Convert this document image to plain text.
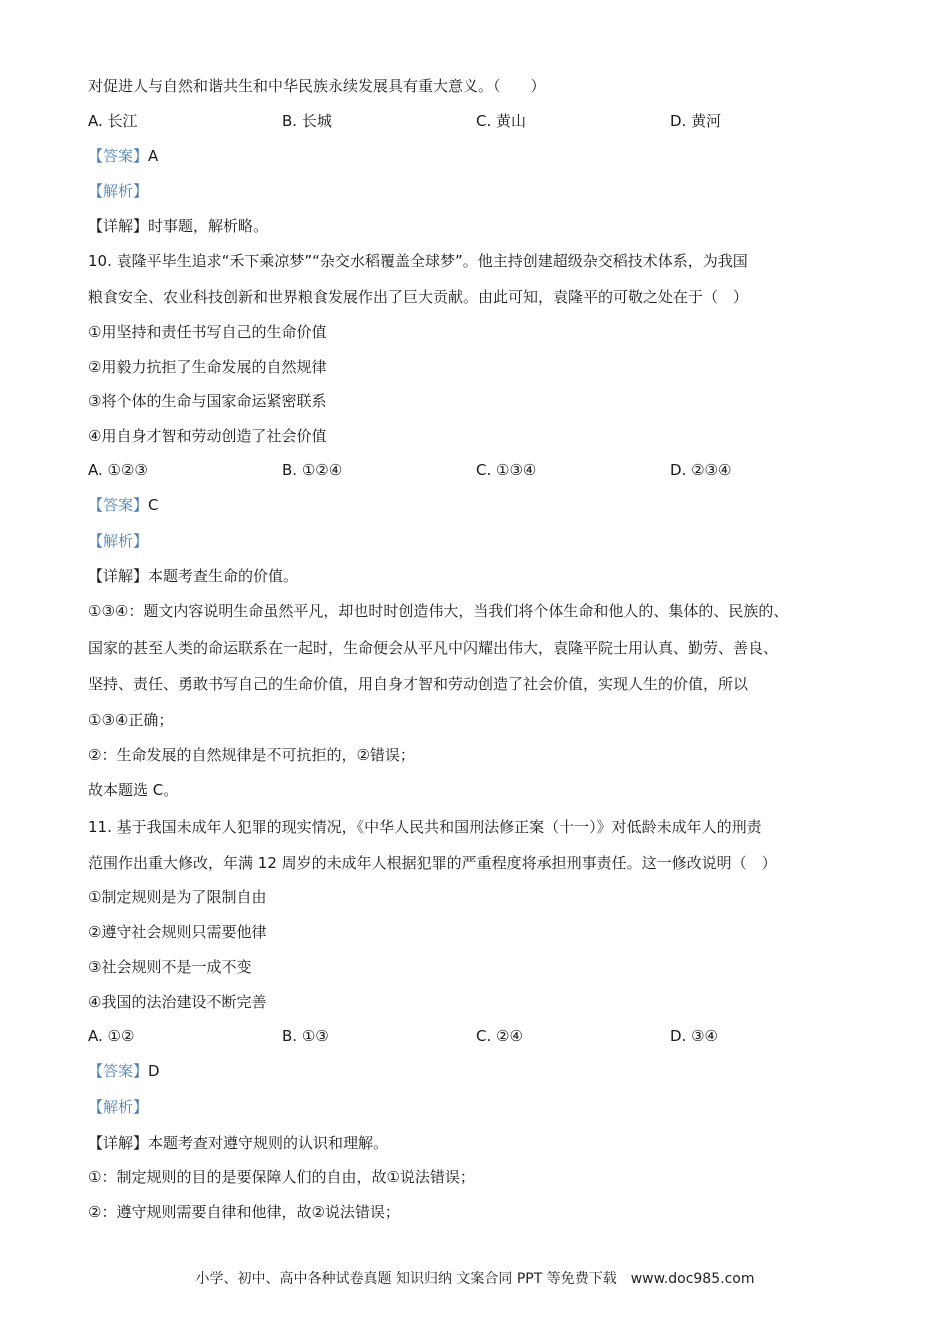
对促进人与自然和谐共生和中华民族永续发展具有重大意义。（　　）
A. 长江	B. 长城	C. 黄山	D. 黄河
【答案】A
【解析】
【详解】时事题，解析略。
10. 袁隆平毕生追求“禾下乘凉梦”“杂交水稻覆盖全球梦”。他主持创建超级杂交稻技术体系，为我国
粮食安全、农业科技创新和世界粮食发展作出了巨大贡献。由此可知，袁隆平的可敬之处在于（　）
①用坚持和责任书写自己的生命价值
②用毅力抗拒了生命发展的自然规律
③将个体的生命与国家命运紧密联系
④用自身才智和劳动创造了社会价值
A. ①②③	B. ①②④	C. ①③④	D. ②③④
【答案】C
【解析】
【详解】本题考查生命的价值。
①③④：题文内容说明生命虽然平凡，却也时时创造伟大，当我们将个体生命和他人的、集体的、民族的、
国家的甚至人类的命运联系在一起时，生命便会从平凡中闪耀出伟大，袁隆平院士用认真、勤劳、善良、
坚持、责任、勇敢书写自己的生命价值，用自身才智和劳动创造了社会价值，实现人生的价值，所以
①③④正确；
②：生命发展的自然规律是不可抗拒的，②错误；
故本题选 C。
11. 基于我国未成年人犯罪的现实情况，《中华人民共和国刑法修正案（十一）》对低龄未成年人的刑责
范围作出重大修改，年满 12 周岁的未成年人根据犯罪的严重程度将承担刑事责任。这一修改说明（　）
①制定规则是为了限制自由
②遵守社会规则只需要他律
③社会规则不是一成不变
④我国的法治建设不断完善
A. ①②	B. ①③	C. ②④	D. ③④
【答案】D
【解析】
【详解】本题考查对遵守规则的认识和理解。
①：制定规则的目的是要保障人们的自由，故①说法错误；
②：遵守规则需要自律和他律，故②说法错误；
小学、初中、高中各种试卷真题 知识归纳 文案合同 PPT 等免费下载　www.doc985.com
